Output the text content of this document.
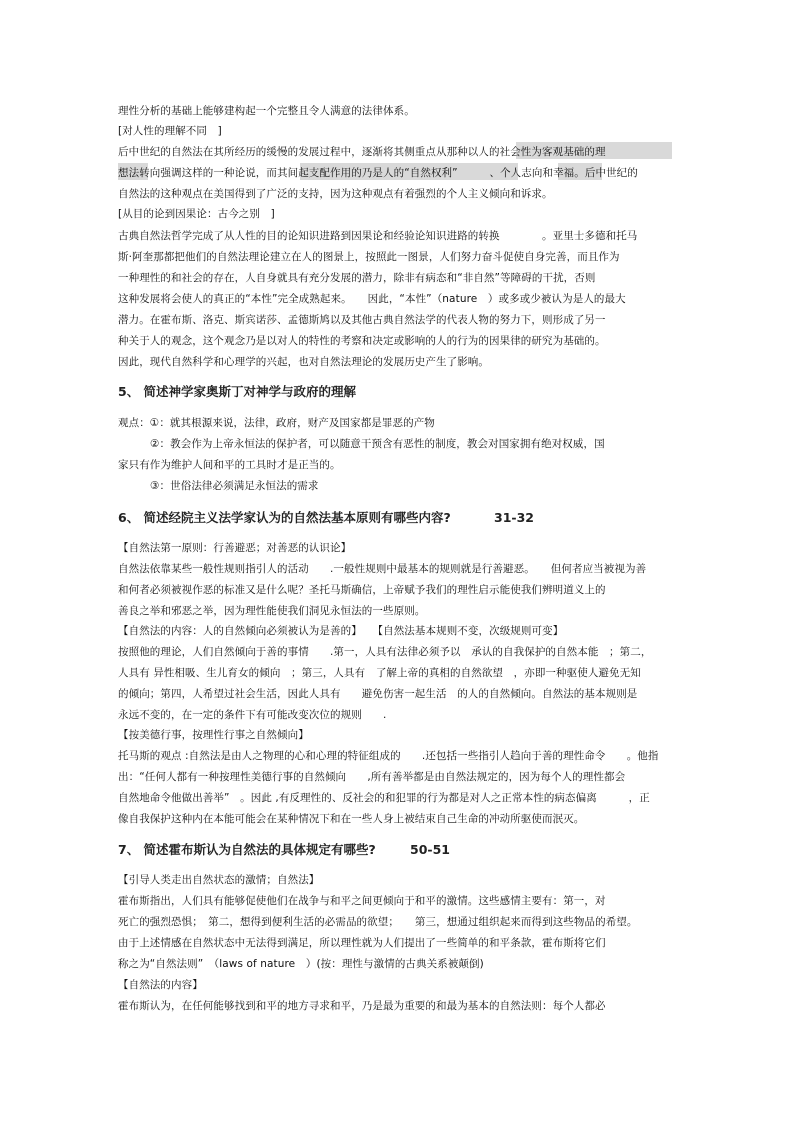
理性分析的基础上能够建构起一个完整且令人满意的法律体系。
[对人性的理解不同　]
后中世纪的自然法在其所经历的缓慢的发展过程中，逐渐将其侧重点从那种以人的社会性为客观基础的理
想法转向强调这样的一种论说，而其间起支配作用的乃是人的“自然权利”　　　、个人志向和幸福。后中世纪的
自然法的这种观点在美国得到了广泛的支持，因为这种观点有着强烈的个人主义倾向和诉求。
[从目的论到因果论：古今之别　]
古典自然法哲学完成了从人性的目的论知识进路到因果论和经验论知识进路的转换　　　　。亚里士多德和托马
斯·阿奎那都把他们的自然法理论建立在人的图景上，按照此一图景，人们努力奋斗促使自身完善，而且作为
一种理性的和社会的存在，人自身就具有充分发展的潜力，除非有病态和“非自然”等障碍的干扰，否则
这种发展将会使人的真正的“本性”完全成熟起来。　　因此，“本性”（nature　）或多或少被认为是人的最大
潜力。在霍布斯、洛克、斯宾诺莎、孟德斯鸠以及其他古典自然法学的代表人物的努力下，则形成了另一
种关于人的观念，这个观念乃是以对人的特性的考察和决定或影响的人的行为的因果律的研究为基础的。
因此，现代自然科学和心理学的兴起，也对自然法理论的发展历史产生了影响。
5、 简述神学家奥斯丁对神学与政府的理解
观点：①：就其根源来说，法律，政府，财产及国家都是罪恶的产物
②：教会作为上帝永恒法的保护者，可以随意干预含有恶性的制度，教会对国家拥有绝对权威，国
家只有作为维护人间和平的工具时才是正当的。
③：世俗法律必须满足永恒法的需求
6、 简述经院主义法学家认为的自然法基本原则有哪些内容?	31-32
【自然法第一原则：行善避恶；对善恶的认识论】
自然法依靠某些一般性规则指引人的活动　　.一般性规则中最基本的规则就是行善避恶。　　但何者应当被视为善
和何者必须被视作恶的标准又是什么呢？圣托马斯确信，上帝赋予我们的理性启示能使我们辨明道义上的
善良之举和邪恶之举，因为理性能使我们洞见永恒法的一些原则。
【自然法的内容：人的自然倾向必须被认为是善的】　　【自然法基本规则不变，次级规则可变】
按照他的理论，人们自然倾向于善的事情　　.第一，人具有法律必须予以　承认的自我保护的自然本能　；第二，
人具有 异性相吸、生儿育女的倾向　；第三，人具有　了解上帝的真相的自然欲望　，亦即一种驱使人避免无知
的倾向；第四，人希望过社会生活，因此人具有　　避免伤害一起生活　的人的自然倾向。自然法的基本规则是
永远不变的，在一定的条件下有可能改变次位的规则　　.
【按美德行事，按理性行事之自然倾向】
托马斯的观点 :自然法是由人之物理的心和心理的特征组成的　　.还包括一些指引人趋向于善的理性命令　　。他指
出：“任何人都有一种按理性美德行事的自然倾向　　,所有善举都是由自然法规定的，因为每个人的理性都会
自然地命令他做出善举”　。因此 ,有反理性的、反社会的和犯罪的行为都是对人之正常本性的病态偏离　　　，正
像自我保护这种内在本能可能会在某种情况下和在一些人身上被结束自己生命的冲动所驱使而泯灭。
7、 简述霍布斯认为自然法的具体规定有哪些?	50-51
【引导人类走出自然状态的激情；自然法】
霍布斯指出，人们具有能够促使他们在战争与和平之间更倾向于和平的激情。这些感情主要有：第一，对
死亡的强烈恐惧；　第二，想得到便利生活的必需品的欲望；　　第三，想通过组织起来而得到这些物品的希望。
由于上述情感在自然状态中无法得到满足，所以理性就为人们提出了一些简单的和平条款，霍布斯将它们
称之为“自然法则”　（laws of nature　）(按：理性与激情的古典关系被颠倒)
【自然法的内容】
霍布斯认为，在任何能够找到和平的地方寻求和平，乃是最为重要的和最为基本的自然法则：每个人都必
